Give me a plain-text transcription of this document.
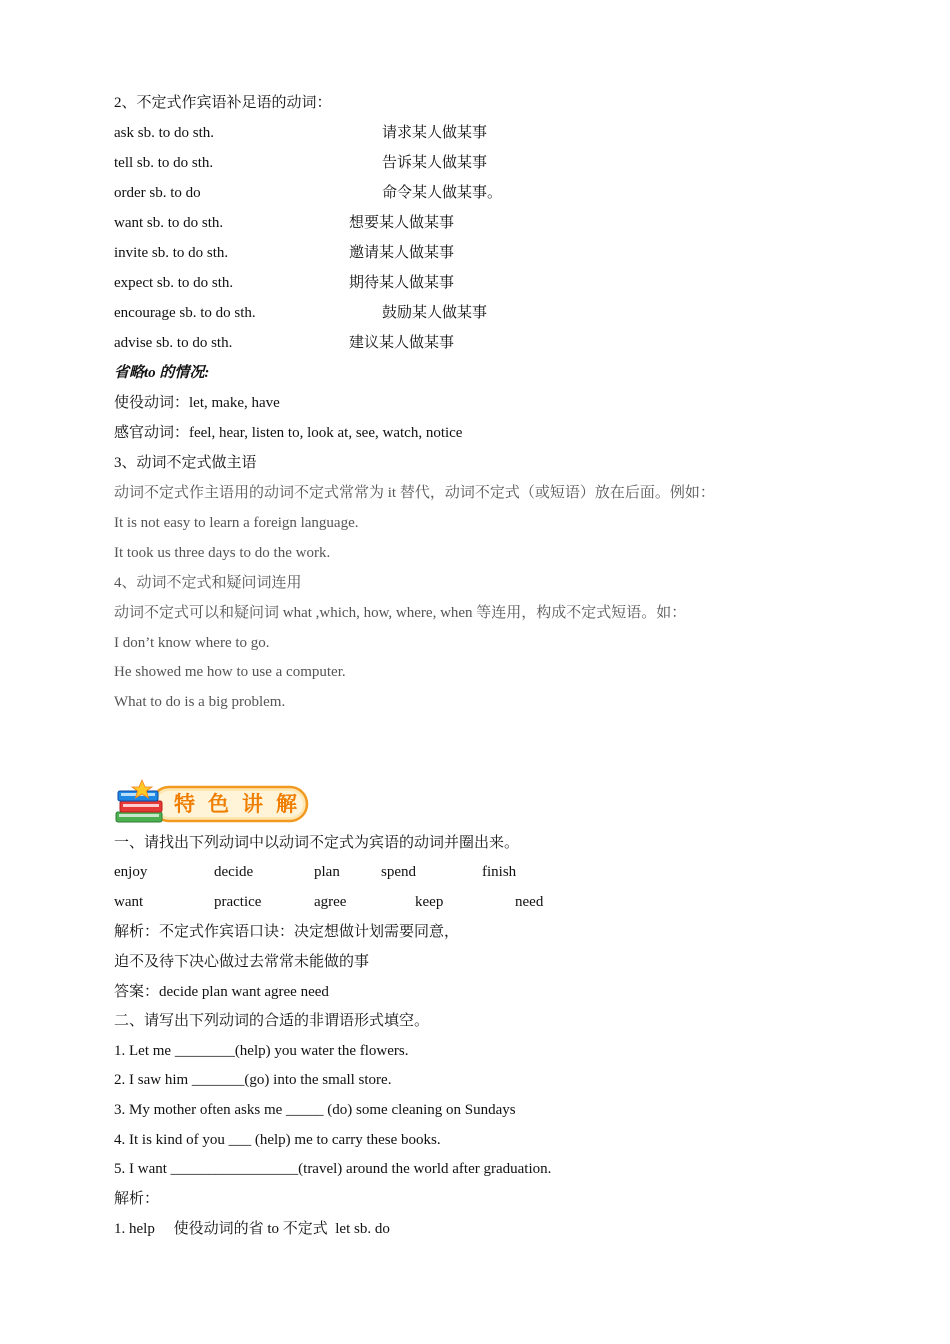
2、不定式作宾语补足语的动词：
ask sb. to do sth.	请求某人做某事
tell sb. to do sth.	告诉某人做某事
order sb. to do	命令某人做某事。
want sb. to do sth.	想要某人做某事
invite sb. to do sth.	邀请某人做某事
expect sb. to do sth.	期待某人做某事
encourage sb. to do sth.	鼓励某人做某事
advise sb. to do sth.	建议某人做某事
省略to 的情况:
使役动词：let, make, have
感官动词：feel, hear, listen to, look at, see, watch, notice
3、动词不定式做主语
动词不定式作主语用的动词不定式常常为 it 替代，动词不定式（或短语）放在后面。例如：
It is not easy to learn a foreign language.
It took us three days to do the work.
4、动词不定式和疑问词连用
动词不定式可以和疑问词 what ,which, how, where, when 等连用，构成不定式短语。如：
I don’t know where to go.
He showed me how to use a computer.
What to do is a big problem.
特色讲解
一、请找出下列动词中以动词不定式为宾语的动词并圈出来。
enjoy	decide	plan	spend	finish
want	practice	agree	keep	need
解析：不定式作宾语口诀：决定想做计划需要同意，
迫不及待下决心做过去常常未能做的事
答案：decide plan want agree need
二、请写出下列动词的合适的非谓语形式填空。
1. Let me ________(help) you water the flowers.
2. I saw him _______(go) into the small store.
3. My mother often asks me _____ (do) some cleaning on Sundays
4. It is kind of you ___ (help) me to carry these books.
5. I want _________________(travel) around the world after graduation.
解析：
1. help     使役动词的省 to 不定式  let sb. do
